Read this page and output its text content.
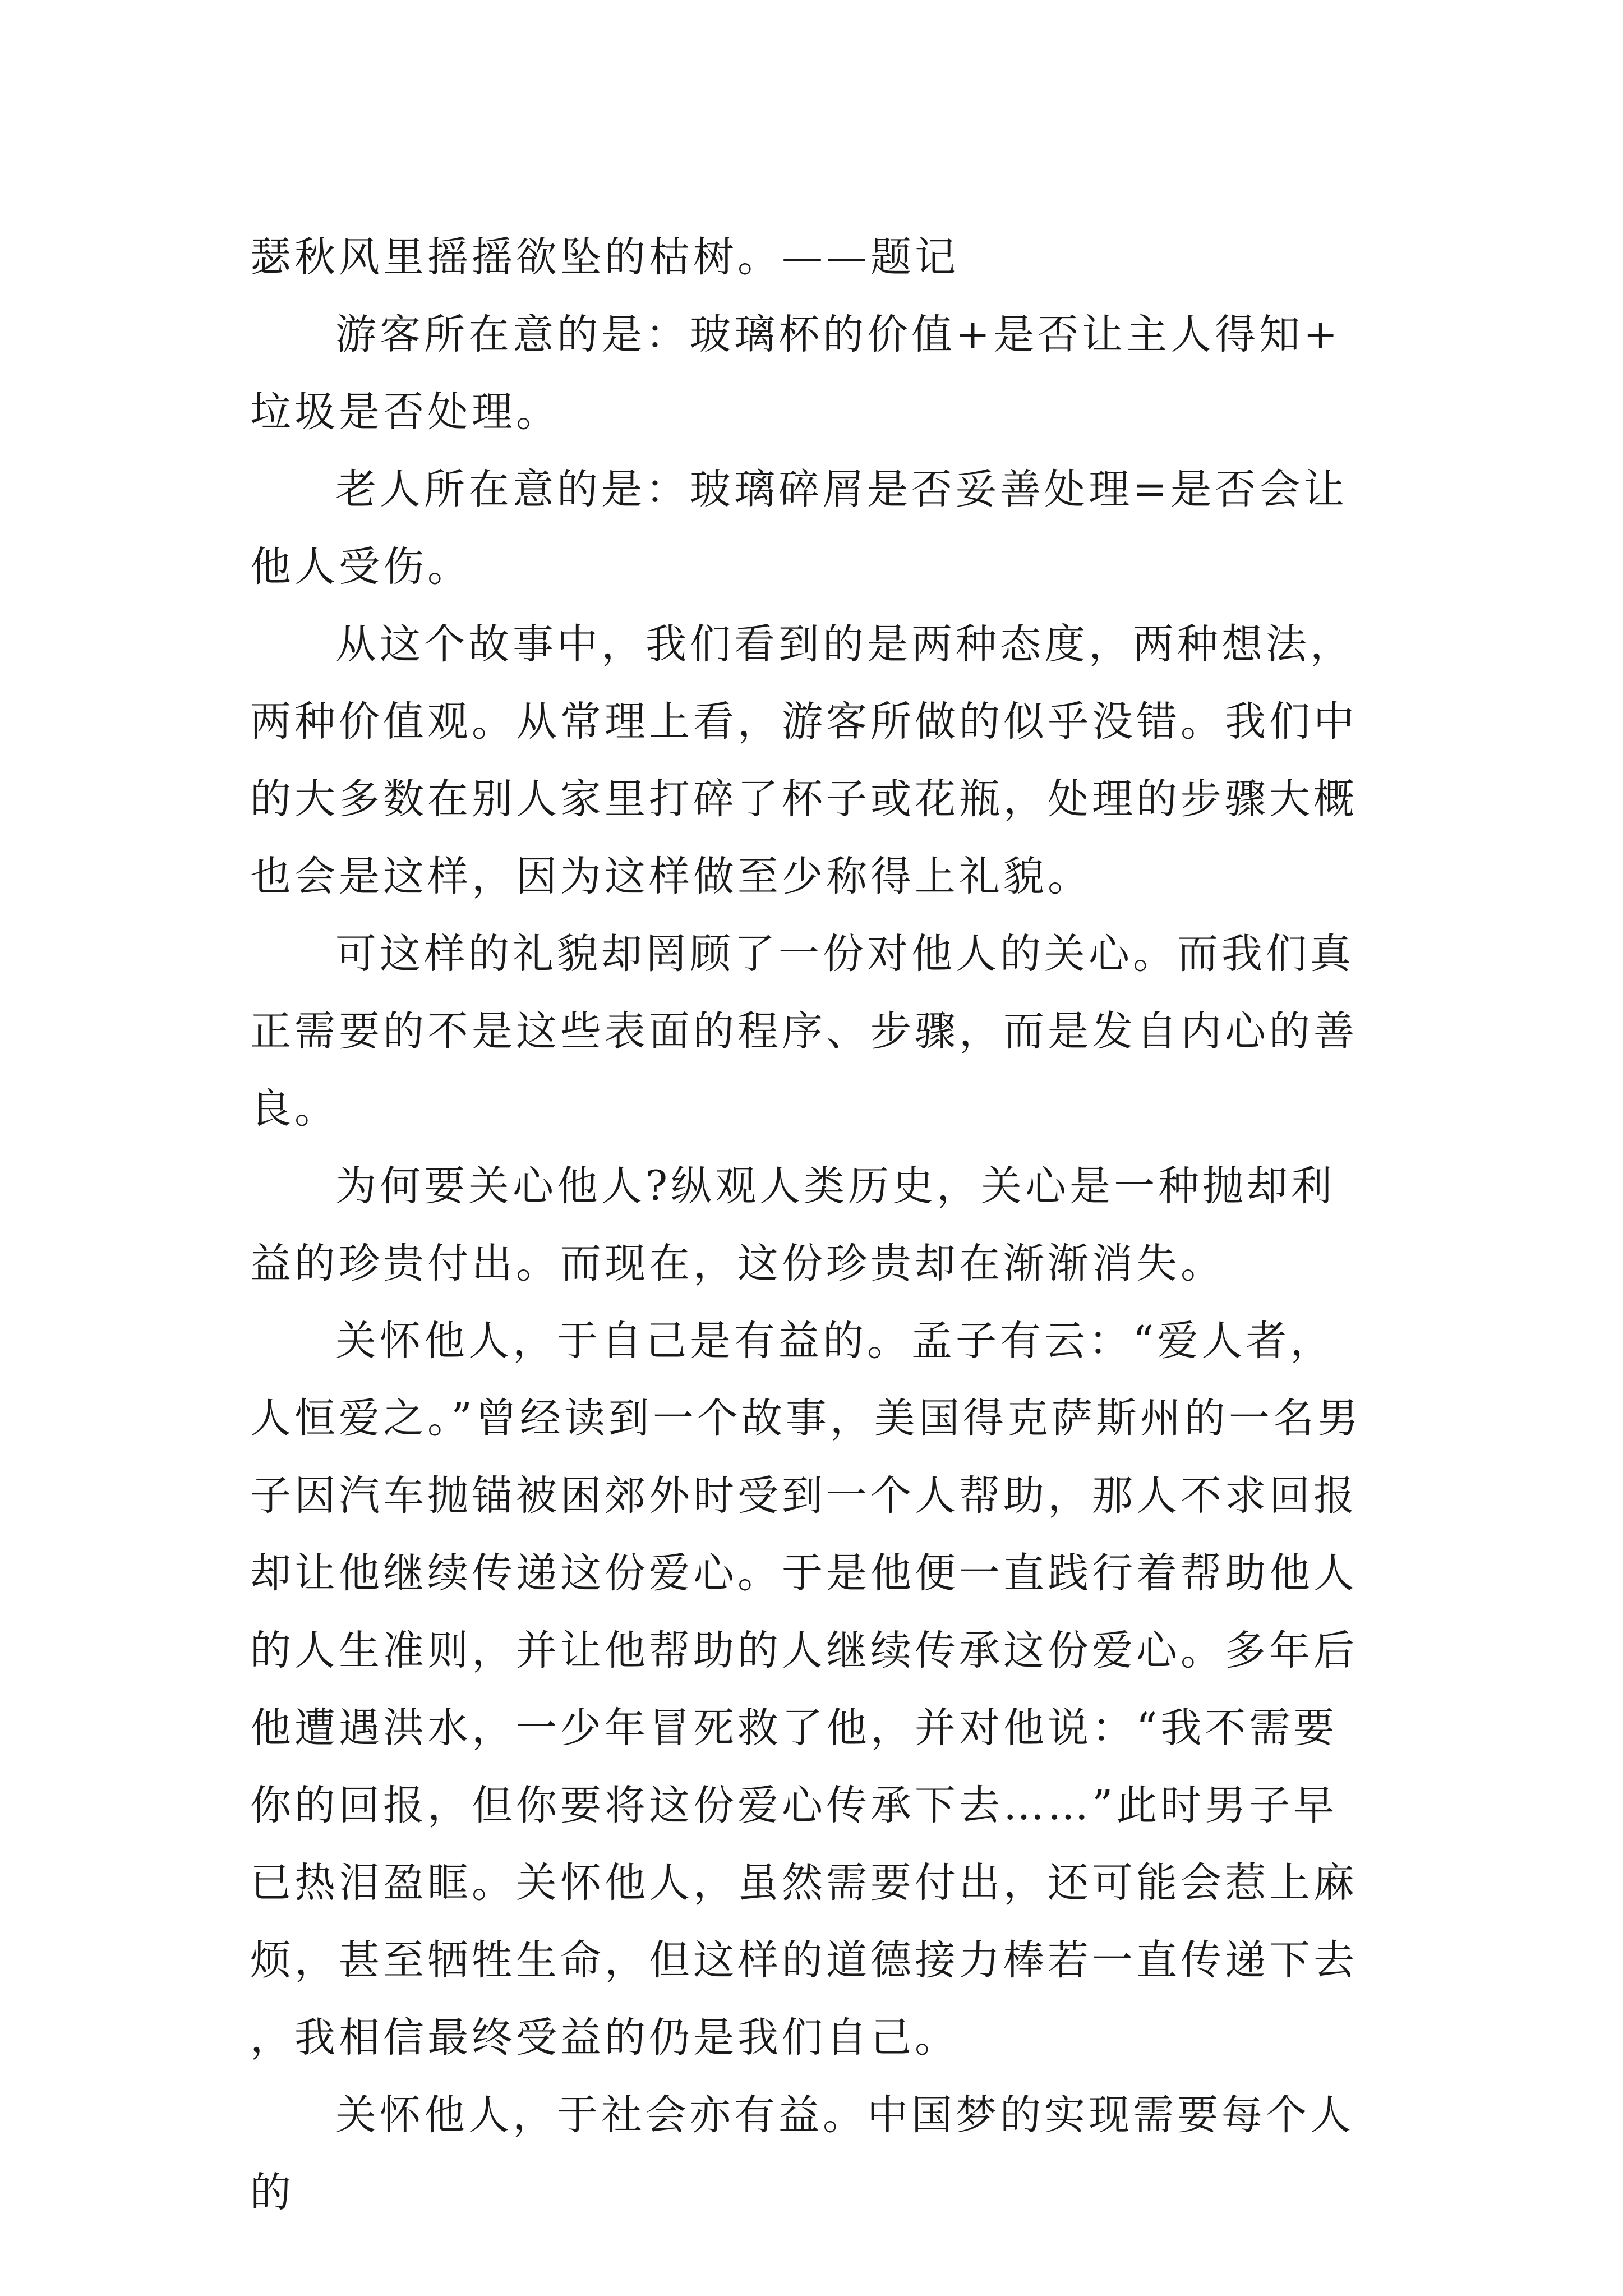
瑟秋风里摇摇欲坠的枯树。——题记

游客所在意的是：玻璃杯的价值+是否让主人得知+垃圾是否处理。

老人所在意的是：玻璃碎屑是否妥善处理=是否会让他人受伤。

从这个故事中，我们看到的是两种态度，两种想法，两种价值观。从常理上看，游客所做的似乎没错。我们中的大多数在别人家里打碎了杯子或花瓶，处理的步骤大概也会是这样，因为这样做至少称得上礼貌。

可这样的礼貌却罔顾了一份对他人的关心。而我们真正需要的不是这些表面的程序、步骤，而是发自内心的善良。

为何要关心他人?纵观人类历史，关心是一种抛却利益的珍贵付出。而现在，这份珍贵却在渐渐消失。

关怀他人，于自己是有益的。孟子有云：“爱人者，人恒爱之。”曾经读到一个故事，美国得克萨斯州的一名男子因汽车抛锚被困郊外时受到一个人帮助，那人不求回报却让他继续传递这份爱心。于是他便一直践行着帮助他人的人生准则，并让他帮助的人继续传承这份爱心。多年后他遭遇洪水，一少年冒死救了他，并对他说：“我不需要你的回报，但你要将这份爱心传承下去……”此时男子早已热泪盈眶。关怀他人，虽然需要付出，还可能会惹上麻烦，甚至牺牲生命，但这样的道德接力棒若一直传递下去，我相信最终受益的仍是我们自己。

关怀他人，于社会亦有益。中国梦的实现需要每个人的
